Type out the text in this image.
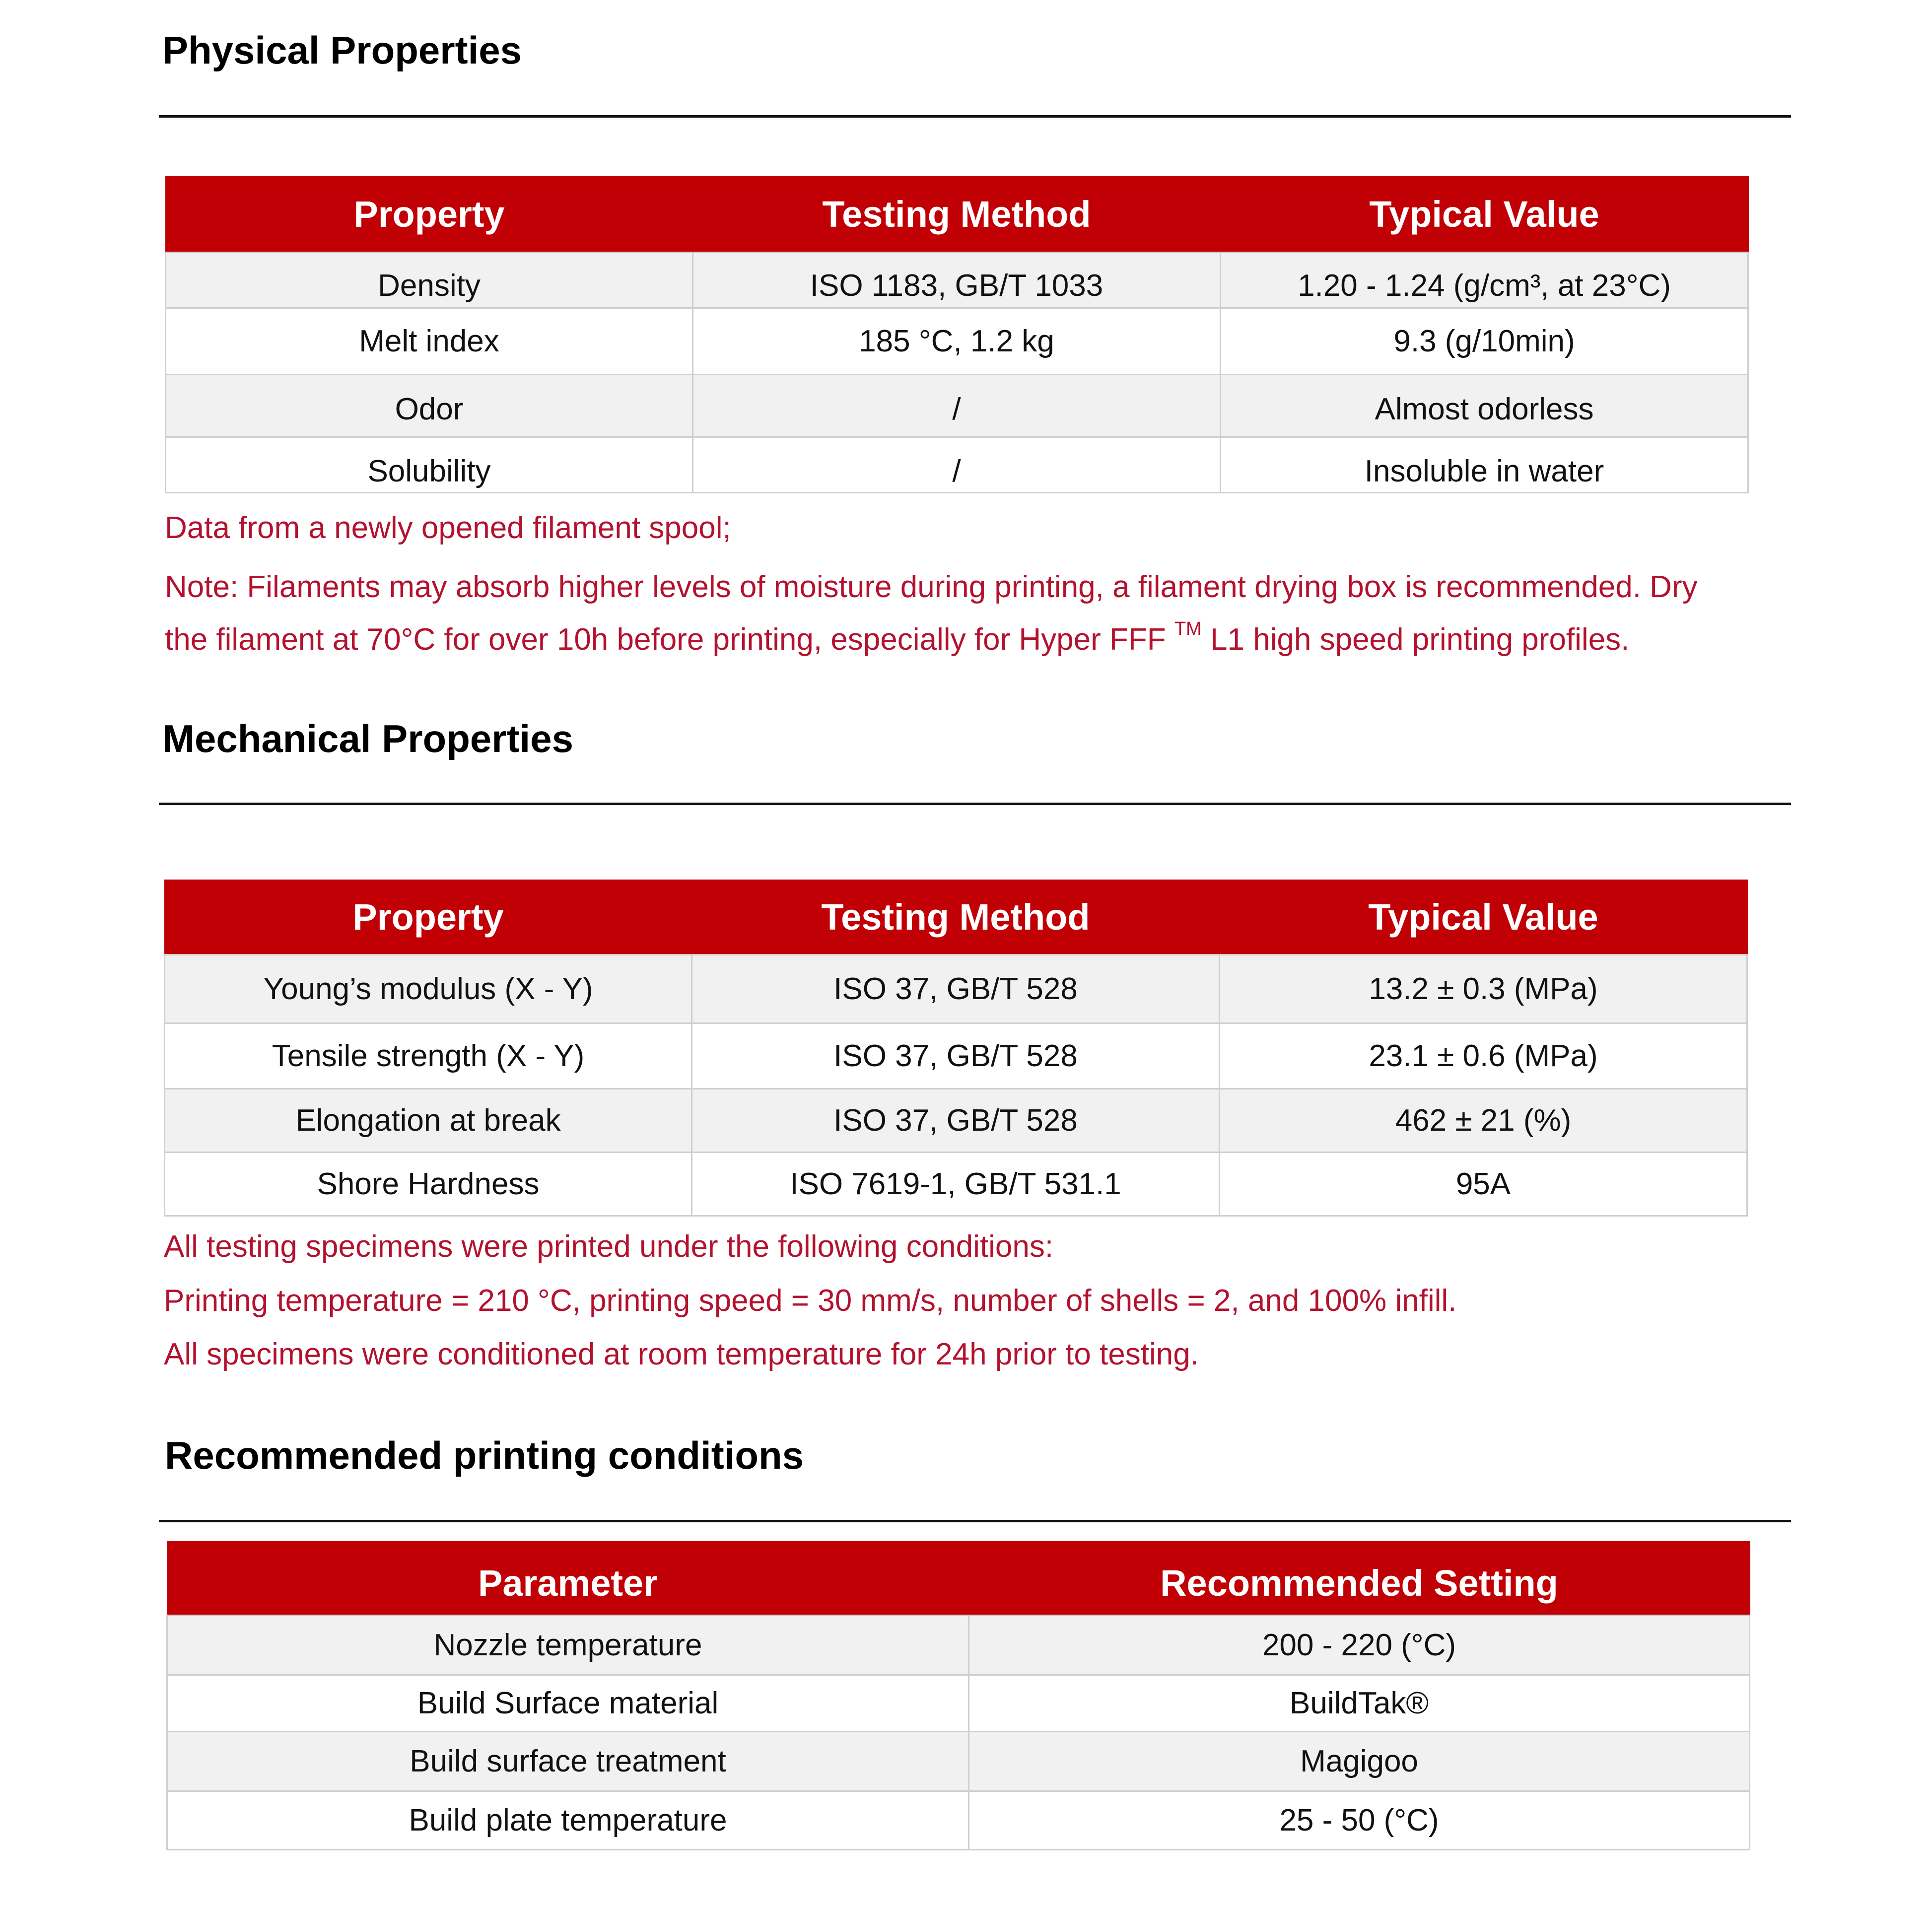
Physical Properties
Property	Testing Method	Typical Value
Density	ISO 1183, GB/T 1033	1.20 - 1.24 (g/cm³, at 23°C)
Melt index	185 °C, 1.2 kg	9.3 (g/10min)
Odor	/	Almost odorless
Solubility	/	Insoluble in water
Data from a newly opened filament spool;
Note: Filaments may absorb higher levels of moisture during printing, a filament drying box is recommended. Dry
the filament at 70°C for over 10h before printing, especially for Hyper FFF ™ L1 high speed printing profiles.
Mechanical Properties
Property	Testing Method	Typical Value
Young’s modulus (X - Y)	ISO 37, GB/T 528	13.2 ± 0.3 (MPa)
Tensile strength (X - Y)	ISO 37, GB/T 528	23.1 ± 0.6 (MPa)
Elongation at break	ISO 37, GB/T 528	462 ± 21 (%)
Shore Hardness	ISO 7619-1, GB/T 531.1	95A
All testing specimens were printed under the following conditions:
Printing temperature = 210 °C, printing speed = 30 mm/s, number of shells = 2, and 100% infill.
All specimens were conditioned at room temperature for 24h prior to testing.
Recommended printing conditions
Parameter	Recommended Setting
Nozzle temperature	200 - 220 (°C)
Build Surface material	BuildTak®
Build surface treatment	Magigoo
Build plate temperature	25 - 50 (°C)
